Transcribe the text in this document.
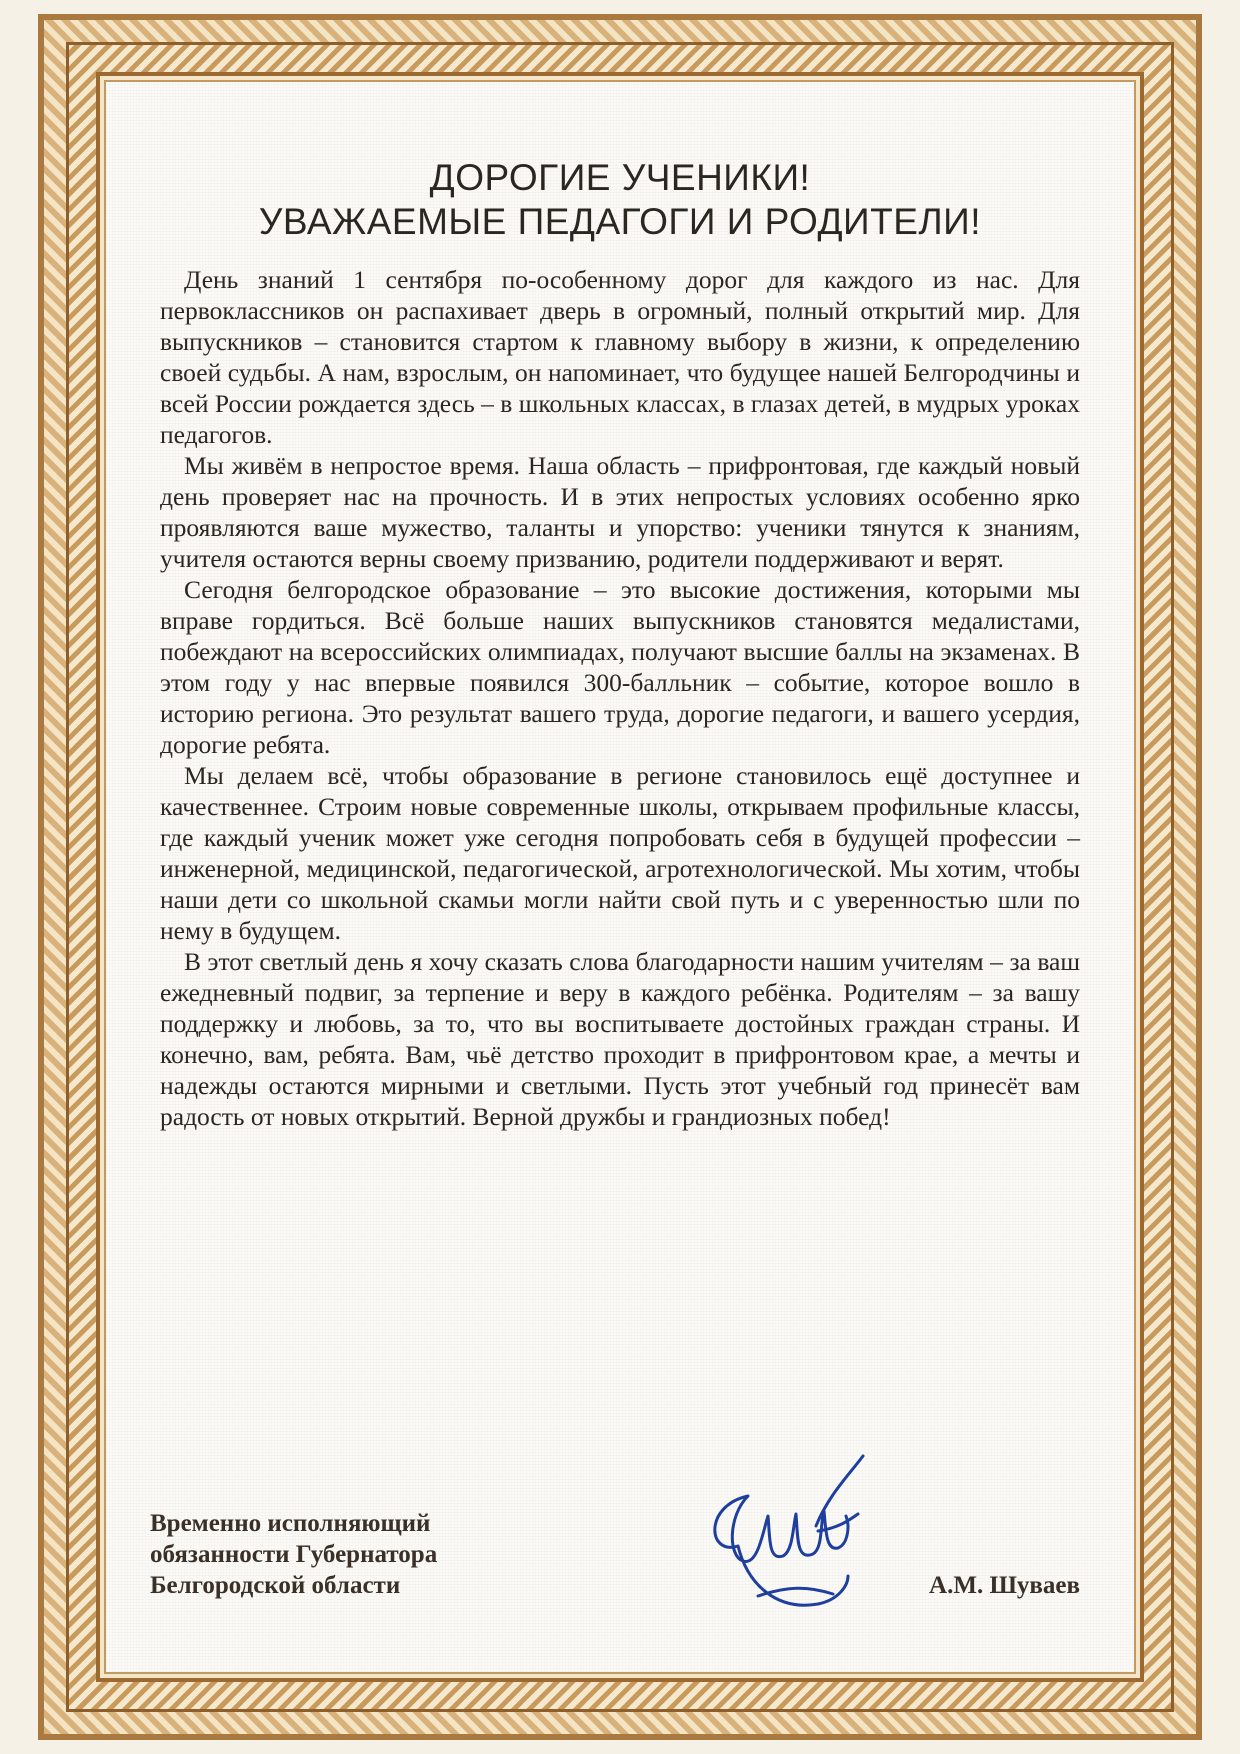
ДОРОГИЕ УЧЕНИКИ!
УВАЖАЕМЫЕ ПЕДАГОГИ И РОДИТЕЛИ!

День знаний 1 сентября по-особенному дорог для каждого из нас. Для первоклассников он распахивает дверь в огромный, полный открытий мир. Для выпускников – становится стартом к главному выбору в жизни, к определению своей судьбы. А нам, взрослым, он напоминает, что будущее нашей Белгородчины и всей России рождается здесь – в школьных классах, в глазах детей, в мудрых уроках педагогов.

Мы живём в непростое время. Наша область – прифронтовая, где каждый новый день проверяет нас на прочность. И в этих непростых условиях особенно ярко проявляются ваше мужество, таланты и упорство: ученики тянутся к знаниям, учителя остаются верны своему призванию, родители поддерживают и верят.

Сегодня белгородское образование – это высокие достижения, которыми мы вправе гордиться. Всё больше наших выпускников становятся медалистами, побеждают на всероссийских олимпиадах, получают высшие баллы на экзаменах. В этом году у нас впервые появился 300-балльник – событие, которое вошло в историю региона. Это результат вашего труда, дорогие педагоги, и вашего усердия, дорогие ребята.

Мы делаем всё, чтобы образование в регионе становилось ещё доступнее и качественнее. Строим новые современные школы, открываем профильные классы, где каждый ученик может уже сегодня попробовать себя в будущей профессии – инженерной, медицинской, педагогической, агротехнологической. Мы хотим, чтобы наши дети со школьной скамьи могли найти свой путь и с уверенностью шли по нему в будущем.

В этот светлый день я хочу сказать слова благодарности нашим учителям – за ваш ежедневный подвиг, за терпение и веру в каждого ребёнка. Родителям – за вашу поддержку и любовь, за то, что вы воспитываете достойных граждан страны. И конечно, вам, ребята. Вам, чьё детство проходит в прифронтовом крае, а мечты и надежды остаются мирными и светлыми. Пусть этот учебный год принесёт вам радость от новых открытий. Верной дружбы и грандиозных побед!

Временно исполняющий
обязанности Губернатора
Белгородской области	А.М. Шуваев
